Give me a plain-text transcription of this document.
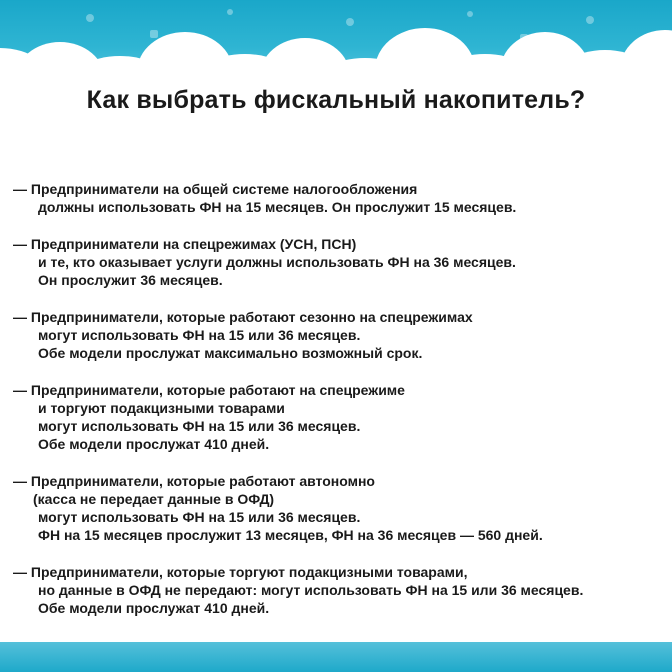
Как выбрать фискальный накопитель?
— Предприниматели на общей системе налогообложения
должны использовать ФН на 15 месяцев. Он прослужит 15 месяцев.
— Предприниматели на спецрежимах (УСН, ПСН)
и те, кто оказывает услуги должны использовать ФН на 36 месяцев.
Он прослужит 36 месяцев.
— Предприниматели, которые работают сезонно на спецрежимах
могут использовать ФН на 15 или 36 месяцев.
Обе модели прослужат максимально возможный срок.
— Предприниматели, которые работают на спецрежиме
и торгуют подакцизными товарами
могут использовать ФН на 15 или 36 месяцев.
Обе модели прослужат 410 дней.
— Предприниматели, которые работают автономно
(касса не передает данные в ОФД)
могут использовать ФН на 15 или 36 месяцев.
ФН на 15 месяцев прослужит 13 месяцев, ФН на 36 месяцев — 560 дней.
— Предприниматели, которые торгуют подакцизными товарами,
но данные в ОФД не передают: могут использовать ФН на 15 или 36 месяцев.
Обе модели прослужат 410 дней.
